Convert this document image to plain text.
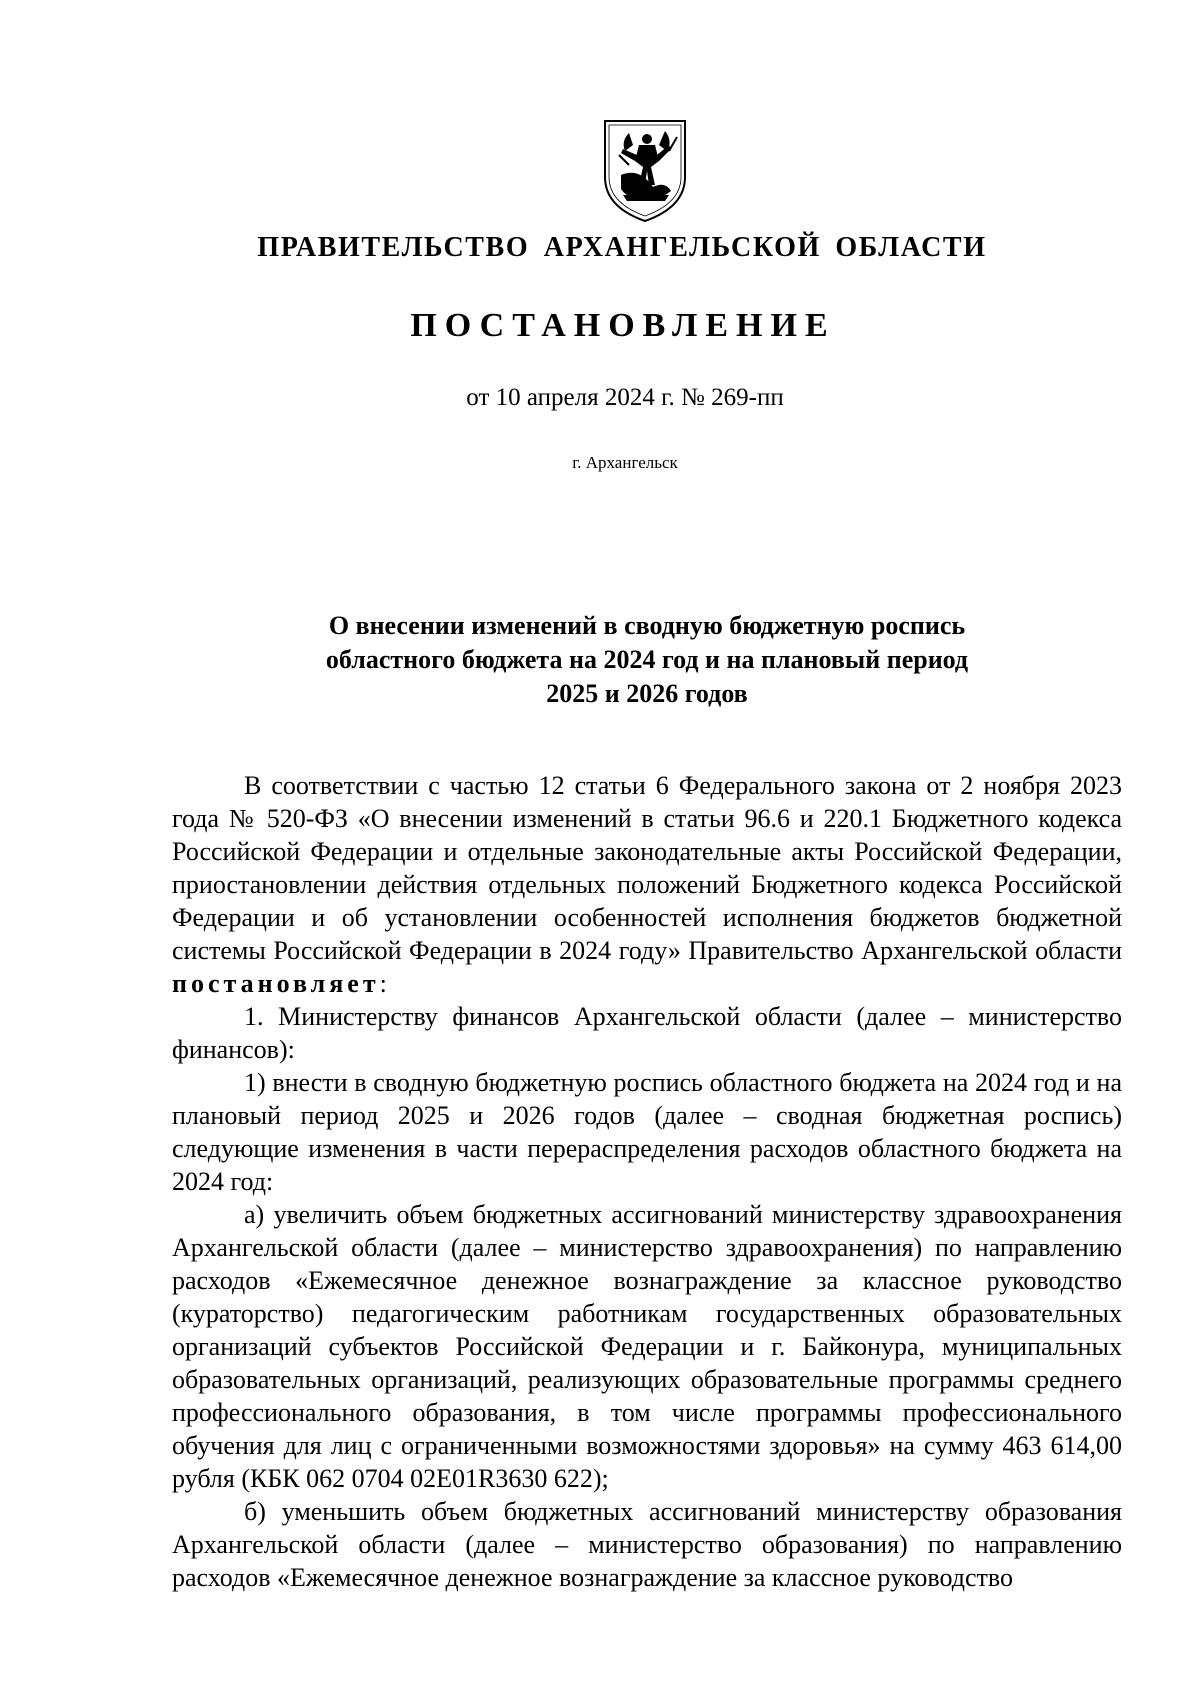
ПРАВИТЕЛЬСТВО АРХАНГЕЛЬСКОЙ ОБЛАСТИ
ПОСТАНОВЛЕНИЕ
от 10 апреля 2024 г. № 269-пп
г. Архангельск
О внесении изменений в сводную бюджетную роспись
областного бюджета на 2024 год и на плановый период
2025 и 2026 годов

В соответствии с частью 12 статьи 6 Федерального закона от 2 ноября 2023 года № 520-ФЗ «О внесении изменений в статьи 96.6 и 220.1 Бюджетного кодекса Российской Федерации и отдельные законодательные акты Российской Федерации, приостановлении действия отдельных положений Бюджетного кодекса Российской Федерации и об установлении особенностей исполнения бюджетов бюджетной системы Российской Федерации в 2024 году» Правительство Архангельской области постановляет:

1. Министерству финансов Архангельской области (далее – министерство финансов):

1) внести в сводную бюджетную роспись областного бюджета на 2024 год и на плановый период 2025 и 2026 годов (далее – сводная бюджетная роспись) следующие изменения в части перераспределения расходов областного бюджета на 2024 год:

а) увеличить объем бюджетных ассигнований министерству здравоохранения Архангельской области (далее – министерство здравоохранения) по направлению расходов «Ежемесячное денежное вознаграждение за классное руководство (кураторство) педагогическим работникам государственных образовательных организаций субъектов Российской Федерации и г. Байконура, муниципальных образовательных организаций, реализующих образовательные программы среднего профессионального образования, в том числе программы профессионального обучения для лиц с ограниченными возможностями здоровья» на сумму 463 614,00 рубля (КБК 062 0704 02Е01R3630 622);

б) уменьшить объем бюджетных ассигнований министерству образования Архангельской области (далее – министерство образования) по направлению расходов «Ежемесячное денежное вознаграждение за классное руководство
